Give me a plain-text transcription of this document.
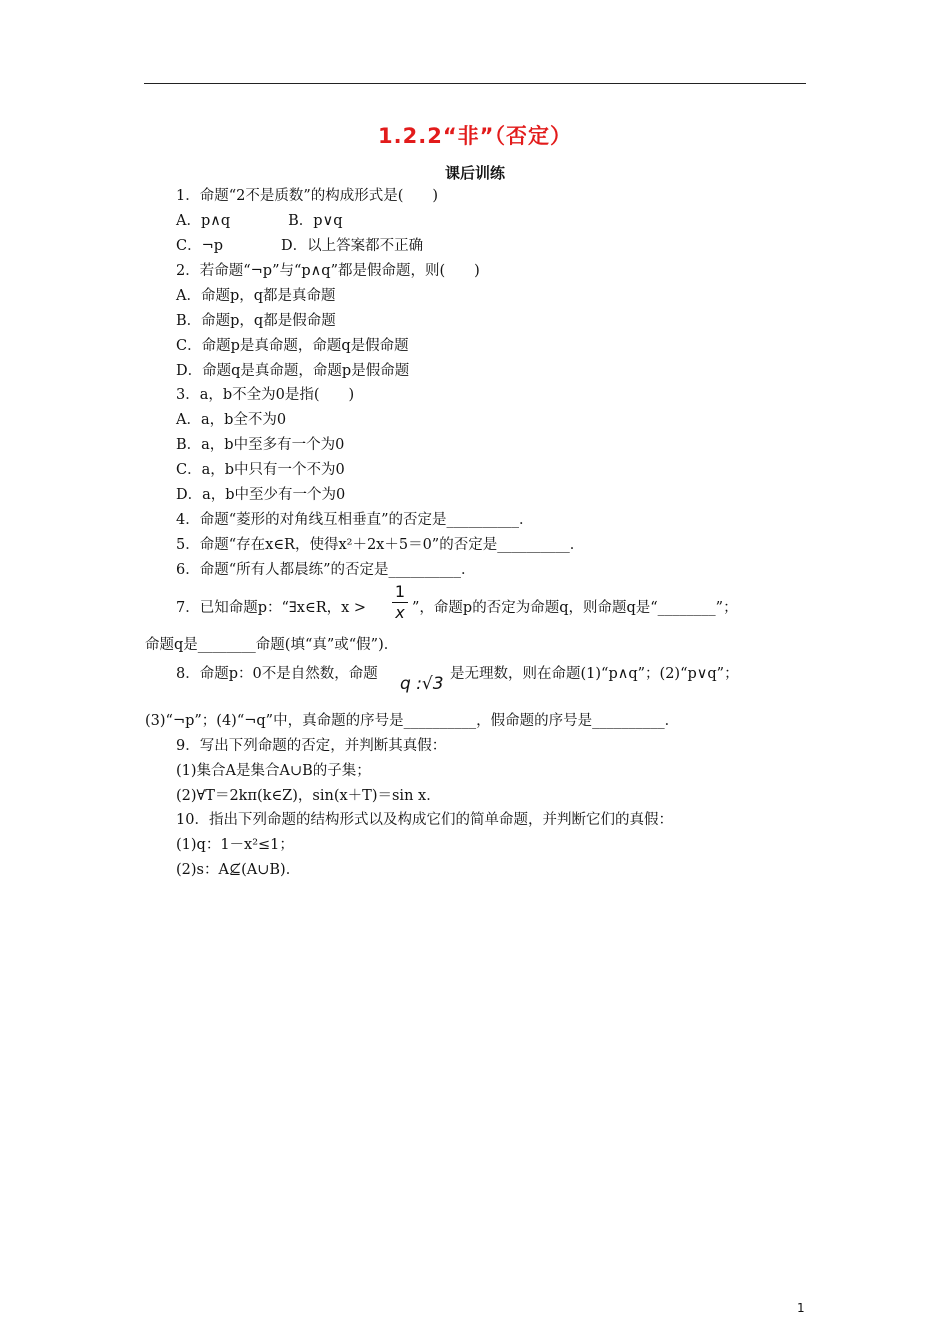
1.2.2“非”（否定）
课后训练
1．命题“2不是质数”的构成形式是(　　)
A．p∧q　　　　B．p∨q
C．¬p　　　　D．以上答案都不正确
2．若命题“¬p”与“p∧q”都是假命题，则(　　)
A．命题p，q都是真命题
B．命题p，q都是假命题
C．命题p是真命题，命题q是假命题
D．命题q是真命题，命题p是假命题
3．a，b不全为0是指(　　)
A．a，b全不为0
B．a，b中至多有一个为0
C．a，b中只有一个不为0
D．a，b中至少有一个为0
4．命题“菱形的对角线互相垂直”的否定是__________．
5．命题“存在x∈R，使得x²＋2x＋5＝0”的否定是__________．
6．命题“所有人都晨练”的否定是__________．
7．已知命题p：“∃x∈R，x >
1
x ”，命题p的否定为命题q，则命题q是“________”；
命题q是________命题(填“真”或“假”)．
8．命题p：0不是自然数，命题 q :√3 是无理数，则在命题(1)“p∧q”；(2)“p∨q”；
(3)“¬p”；(4)“¬q”中，真命题的序号是__________，假命题的序号是__________．
9．写出下列命题的否定，并判断其真假：
(1)集合A是集合A∪B的子集；
(2)∀T＝2kπ(k∈Z)，sin(x＋T)＝sin x．
10．指出下列命题的结构形式以及构成它们的简单命题，并判断它们的真假：
(1)q：1－x²≤1；
(2)s：A⊈(A∪B)．
1
